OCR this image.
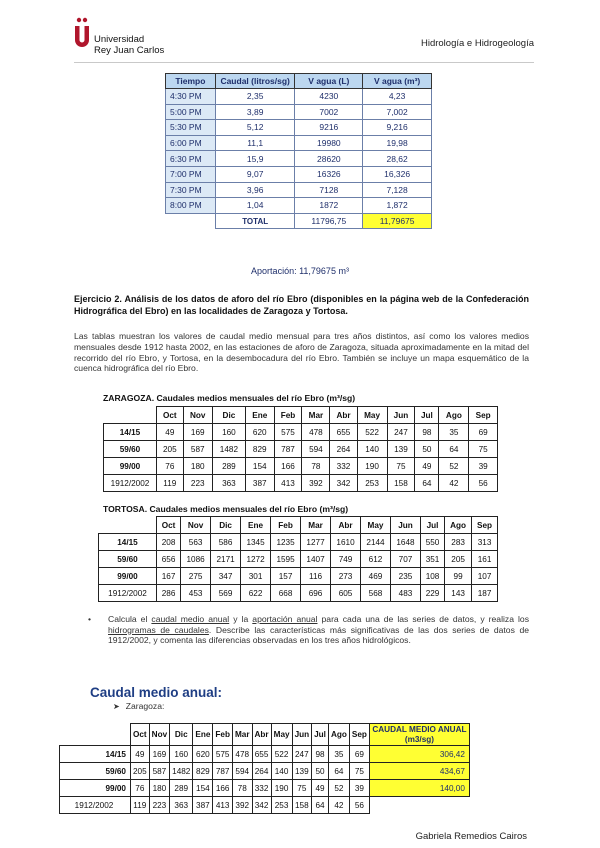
Universidad
Rey Juan Carlos
Hidrología e Hidrogeología
Tiempo	Caudal (litros/sg)	V agua (L)	V agua (m³)
4:30 PM	2,35	4230	4,23
5:00 PM	3,89	7002	7,002
5:30 PM	5,12	9216	9,216
6:00 PM	11,1	19980	19,98
6:30 PM	15,9	28620	28,62
7:00 PM	9,07	16326	16,326
7:30 PM	3,96	7128	7,128
8:00 PM	1,04	1872	1,872
	TOTAL	11796,75	11,79675
Aportación: 11,79675 m³
Ejercicio 2. Análisis de los datos de aforo del río Ebro (disponibles en la página web de la Confederación Hidrográfica del Ebro) en las localidades de Zaragoza y Tortosa.
Las tablas muestran los valores de caudal medio mensual para tres años distintos, así como los valores medios mensuales desde 1912 hasta 2002, en las estaciones de aforo de Zaragoza, situada aproximadamente en la mitad del recorrido del río Ebro, y Tortosa, en la desembocadura del río Ebro. También se incluye un mapa esquemático de la cuenca hidrográfica del río Ebro.
ZARAGOZA. Caudales medios mensuales del río Ebro (m³/sg)
	Oct	Nov	Dic	Ene	Feb	Mar	Abr	May	Jun	Jul	Ago	Sep
14/15	49	169	160	620	575	478	655	522	247	98	35	69
59/60	205	587	1482	829	787	594	264	140	139	50	64	75
99/00	76	180	289	154	166	78	332	190	75	49	52	39
1912/2002	119	223	363	387	413	392	342	253	158	64	42	56
TORTOSA. Caudales medios mensuales del río Ebro (m³/sg)
	Oct	Nov	Dic	Ene	Feb	Mar	Abr	May	Jun	Jul	Ago	Sep
14/15	208	563	586	1345	1235	1277	1610	2144	1648	550	283	313
59/60	656	1086	2171	1272	1595	1407	749	612	707	351	205	161
99/00	167	275	347	301	157	116	273	469	235	108	99	107
1912/2002	286	453	569	622	668	696	605	568	483	229	143	187
• Calcula el caudal medio anual y la aportación anual para cada una de las series de datos, y realiza los hidrogramas de caudales. Describe las características más significativas de las dos series de datos de 1912/2002, y comenta las diferencias observadas en los tres años hidrológicos.
Caudal medio anual:
➤ Zaragoza:
	Oct	Nov	Dic	Ene	Feb	Mar	Abr	May	Jun	Jul	Ago	Sep	CAUDAL MEDIO ANUAL (m3/sg)
14/15	49	169	160	620	575	478	655	522	247	98	35	69	306,42
59/60	205	587	1482	829	787	594	264	140	139	50	64	75	434,67
99/00	76	180	289	154	166	78	332	190	75	49	52	39	140,00
1912/2002	119	223	363	387	413	392	342	253	158	64	42	56	
Gabriela Remedios Cairos
